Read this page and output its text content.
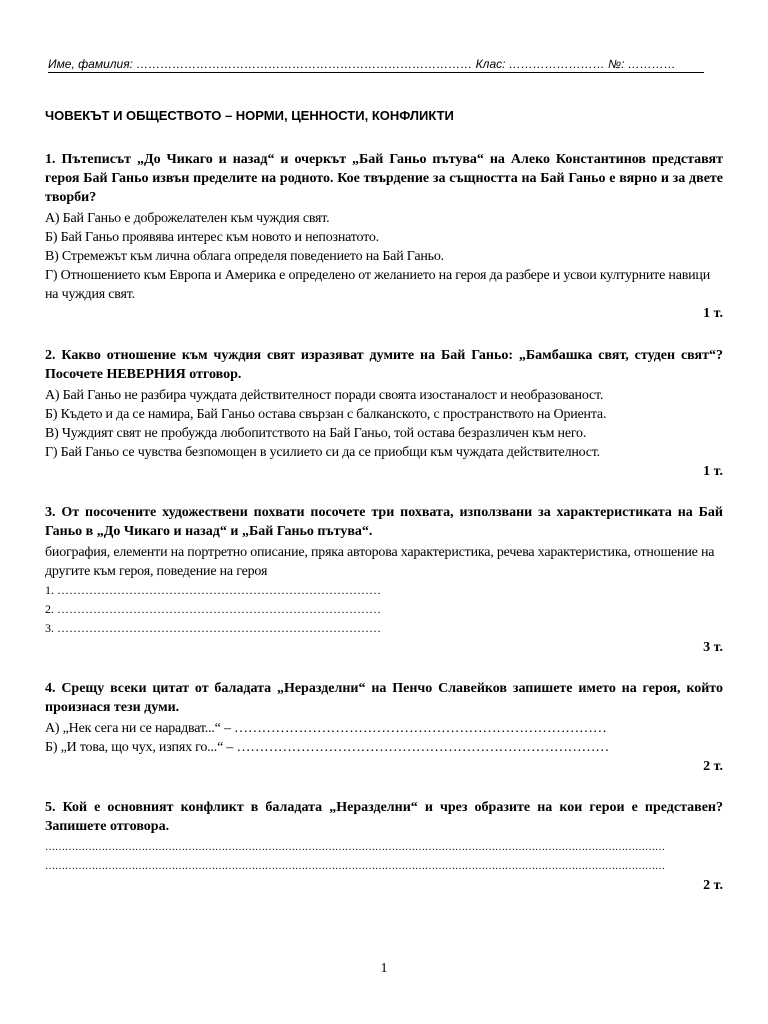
Име, фамилия: ………………………………………………………………………… Клас: …………………… №: …………
ЧОВЕКЪТ И ОБЩЕСТВОТО – НОРМИ, ЦЕННОСТИ, КОНФЛИКТИ
1. Пътеписът „До Чикаго и назад“ и очеркът „Бай Ганьо пътува“ на Алеко Константинов представят героя Бай Ганьо извън пределите на родното. Кое твърдение за същността на Бай Ганьо е вярно и за двете творби?
А) Бай Ганьо е доброжелателен към чуждия свят.
Б) Бай Ганьо проявява интерес към новото и непознатото.
В) Стремежът към лична облага определя поведението на Бай Ганьо.
Г) Отношението към Европа и Америка е определено от желанието на героя да разбере и усвои културните навици на чуждия свят.
1 т.
2. Какво отношение към чуждия свят изразяват думите на Бай Ганьо: „Бамбашка свят, студен свят“? Посочете НЕВЕРНИЯ отговор.
А) Бай Ганьо не разбира чуждата действителност поради своята изостаналост и необразованост.
Б) Където и да се намира, Бай Ганьо остава свързан с балканското, с пространството на Ориента.
В) Чуждият свят не пробужда любопитството на Бай Ганьо, той остава безразличен към него.
Г) Бай Ганьо се чувства безпомощен в усилието си да се приобщи към чуждата действителност.
1 т.
3. От посочените художествени похвати посочете три похвата, използвани за характеристиката на Бай Ганьо в „До Чикаго и назад“ и „Бай Ганьо пътува“.
биография, елементи на портретно описание, пряка авторова характеристика, речева характеристика, отношение на другите към героя, поведение на героя
1. ………………………………………………………………………
2. ………………………………………………………………………
3. ………………………………………………………………………
3 т.
4. Срещу всеки цитат от баладата „Неразделни“ на Пенчо Славейков запишете името на героя, който произнася тези думи.
А) „Нек сега ни се нарадват...“ – ………………………………………………………………………
Б) „И това, що чух, изпях го...“ – ………………………………………………………………………
2 т.
5. Кой е основният конфликт в баладата „Неразделни“ и чрез образите на кои герои е представен? Запишете отговора.
……………………………………………………………………………………………………………………………………………………………………
……………………………………………………………………………………………………………………………………………………………………
2 т.
1
